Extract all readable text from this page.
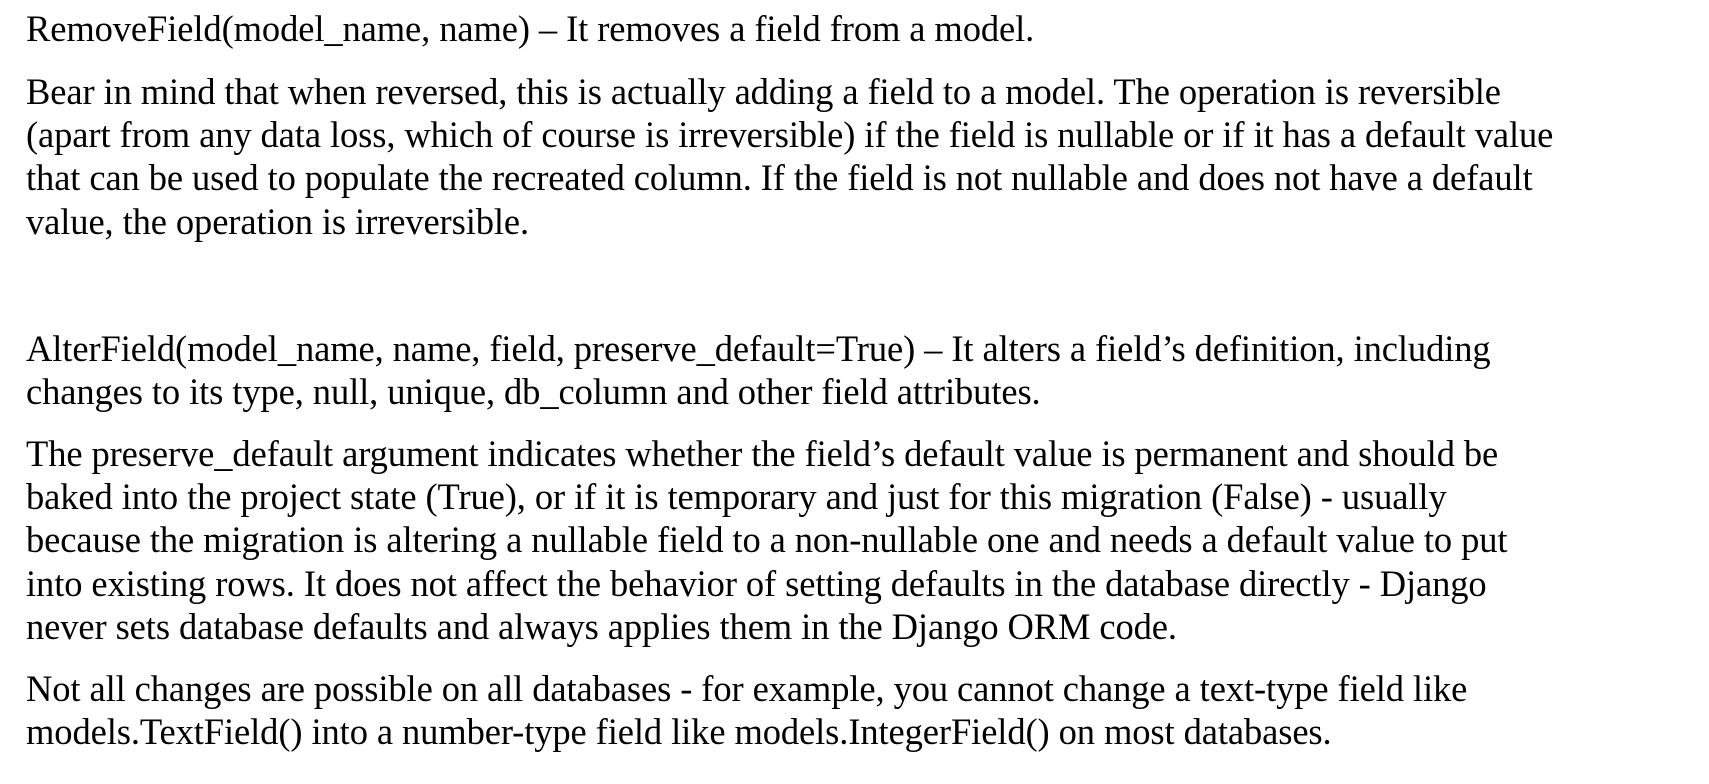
RemoveField(model_name, name) – It removes a field from a model.

Bear in mind that when reversed, this is actually adding a field to a model. The operation is reversible
(apart from any data loss, which of course is irreversible) if the field is nullable or if it has a default value
that can be used to populate the recreated column. If the field is not nullable and does not have a default
value, the operation is irreversible.

AlterField(model_name, name, field, preserve_default=True) – It alters a field’s definition, including
changes to its type, null, unique, db_column and other field attributes.

The preserve_default argument indicates whether the field’s default value is permanent and should be
baked into the project state (True), or if it is temporary and just for this migration (False) - usually
because the migration is altering a nullable field to a non-nullable one and needs a default value to put
into existing rows. It does not affect the behavior of setting defaults in the database directly - Django
never sets database defaults and always applies them in the Django ORM code.

Not all changes are possible on all databases - for example, you cannot change a text-type field like
models.TextField() into a number-type field like models.IntegerField() on most databases.
